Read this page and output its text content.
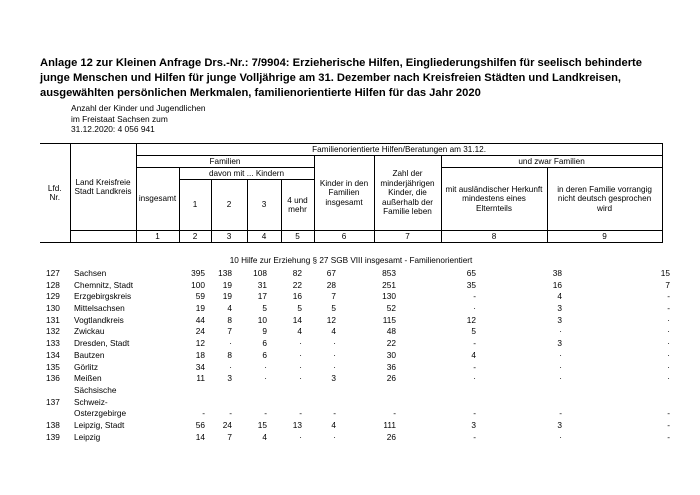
Anlage 12 zur Kleinen Anfrage Drs.-Nr.: 7/9904: Erzieherische Hilfen, Eingliederungshilfen für seelisch behinderte junge Menschen und Hilfen für junge Volljährige am 31. Dezember nach Kreisfreien Städten und Landkreisen, ausgewählten persönlichen Merkmalen, familienorientierte Hilfen für das Jahr 2020

Anzahl der Kinder und Jugendlichen
im Freistaat Sachsen zum
31.12.2020: 4 056 941
Lfd. Nr.	Land Kreisfreie Stadt Landkreis	Familienorientierte Hilfen/Beratungen am 31.12.								
		Familien					Kinder in den Familien insgesamt	Zahl der minderjährigen Kinder, die außerhalb der Familie leben	und zwar Familien	
		insgesamt	davon mit ... Kindern						mit ausländischer Herkunft mindestens eines Elternteils	in deren Familie vorrangig nicht deutsch gesprochen wird
			1	2	3	4 und mehr				
		1	2	3	4	5	6	7	8	9
10 Hilfe zur Erziehung § 27 SGB VIII insgesamt - Familienorientiert
127	Sachsen	395	138	108	82	67	853	65	38	15
128	Chemnitz, Stadt	100	19	31	22	28	251	35	16	7
129	Erzgebirgskreis	59	19	17	16	7	130	-	4	-
130	Mittelsachsen	19	4	5	5	5	52	·	3	-
131	Vogtlandkreis	44	8	10	14	12	115	12	3	·
132	Zwickau	24	7	9	4	4	48	5	·	·
133	Dresden, Stadt	12	·	6	·	·	22	-	3	·
134	Bautzen	18	8	6	·	·	30	4	·	·
135	Görlitz	34	·	·	·	·	36	-	·	·
136	Meißen	11	3	·	·	3	26	·	·	·
	Sächsische									
137	Schweiz-									
	Osterzgebirge	-	-	-	-	-	-	-	-	-
138	Leipzig, Stadt	56	24	15	13	4	111	3	3	-
139	Leipzig	14	7	4	·	·	26	-	·	-
